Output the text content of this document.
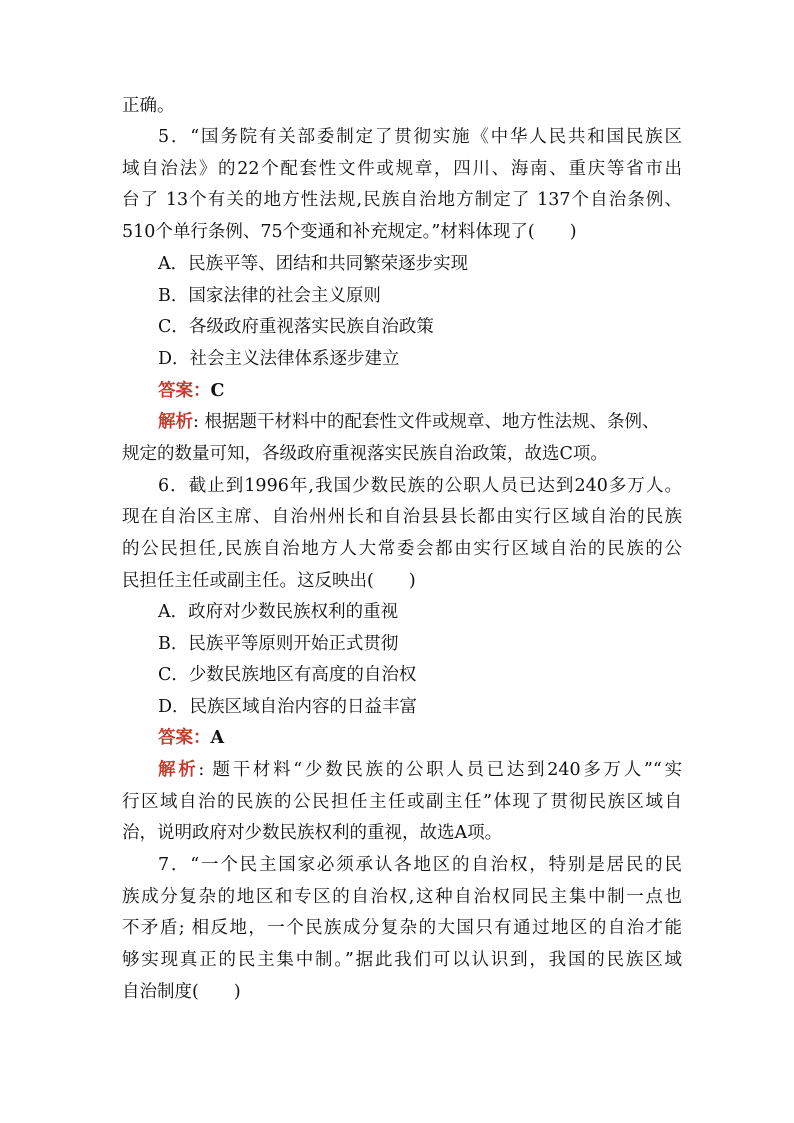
正确。
5．“国务院有关部委制定了贯彻实施《中华人民共和国民族区
域自治法》的22个配套性文件或规章，四川、海南、重庆等省市出
台了 13个有关的地方性法规,民族自治地方制定了 137个自治条例、
510个单行条例、75个变通和补充规定。”材料体现了(　　)
A．民族平等、团结和共同繁荣逐步实现
B．国家法律的社会主义原则
C．各级政府重视落实民族自治政策
D．社会主义法律体系逐步建立
答案：C
解析: 根据题干材料中的配套性文件或规章、地方性法规、条例、
规定的数量可知，各级政府重视落实民族自治政策，故选C项。
6．截止到1996年,我国少数民族的公职人员已达到240多万人。
现在自治区主席、自治州州长和自治县县长都由实行区域自治的民族
的公民担任,民族自治地方人大常委会都由实行区域自治的民族的公
民担任主任或副主任。这反映出(　　)
A．政府对少数民族权利的重视
B．民族平等原则开始正式贯彻
C．少数民族地区有高度的自治权
D．民族区域自治内容的日益丰富
答案：A
解析: 题干材料“少数民族的公职人员已达到240多万人”“实
行区域自治的民族的公民担任主任或副主任”体现了贯彻民族区域自
治，说明政府对少数民族权利的重视，故选A项。
7．“一个民主国家必须承认各地区的自治权，特别是居民的民
族成分复杂的地区和专区的自治权,这种自治权同民主集中制一点也
不矛盾; 相反地，一个民族成分复杂的大国只有通过地区的自治才能
够实现真正的民主集中制。”据此我们可以认识到，我国的民族区域
自治制度(　　)
